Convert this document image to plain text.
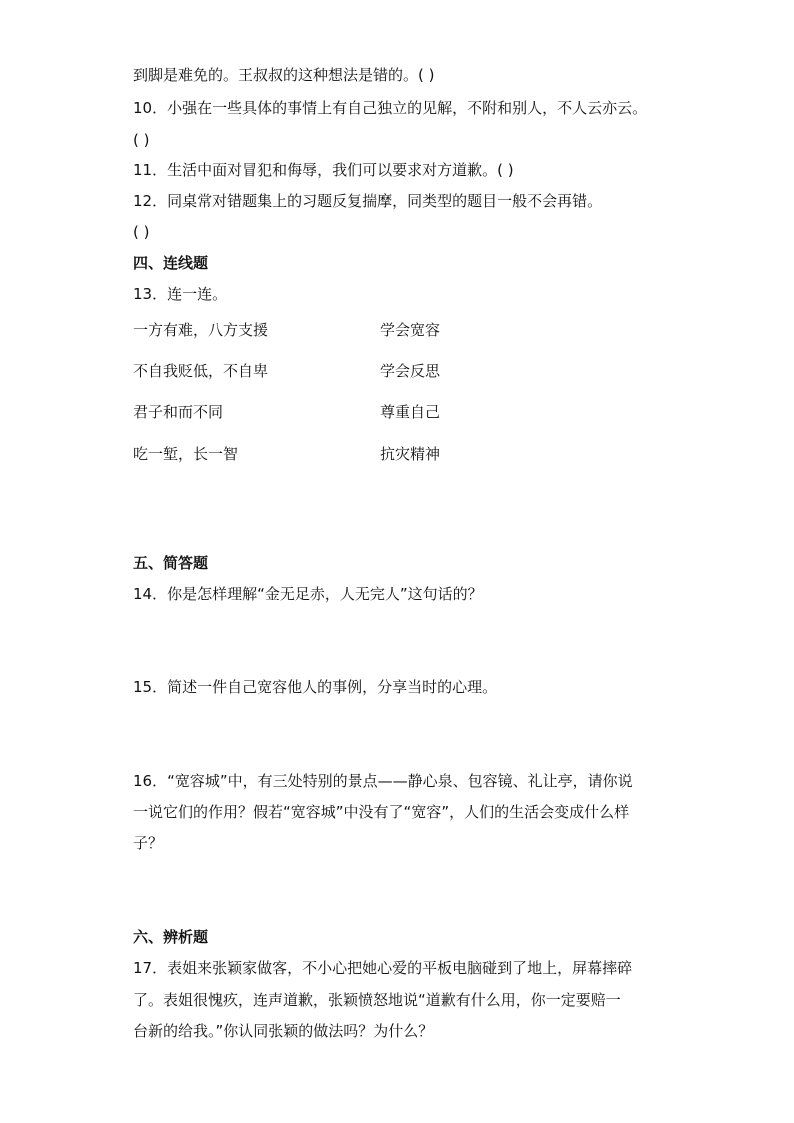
到脚是难免的。王叔叔的这种想法是错的。( )
10．小强在一些具体的事情上有自己独立的见解，不附和别人，不人云亦云。
( )
11．生活中面对冒犯和侮辱，我们可以要求对方道歉。( )
12．同桌常对错题集上的习题反复揣摩，同类型的题目一般不会再错。
( )
四、连线题
13．连一连。
一方有难，八方支援	学会宽容
不自我贬低，不自卑	学会反思
君子和而不同	尊重自己
吃一堑，长一智	抗灾精神
五、简答题
14．你是怎样理解“金无足赤，人无完人”这句话的？
15．简述一件自己宽容他人的事例，分享当时的心理。
16．“宽容城”中，有三处特别的景点——静心泉、包容镜、礼让亭，请你说
一说它们的作用？假若“宽容城”中没有了“宽容”，人们的生活会变成什么样
子？
六、辨析题
17．表姐来张颖家做客，不小心把她心爱的平板电脑碰到了地上，屏幕摔碎
了。表姐很愧疚，连声道歉，张颖愤怒地说“道歉有什么用，你一定要赔一
台新的给我。”你认同张颖的做法吗？为什么？
